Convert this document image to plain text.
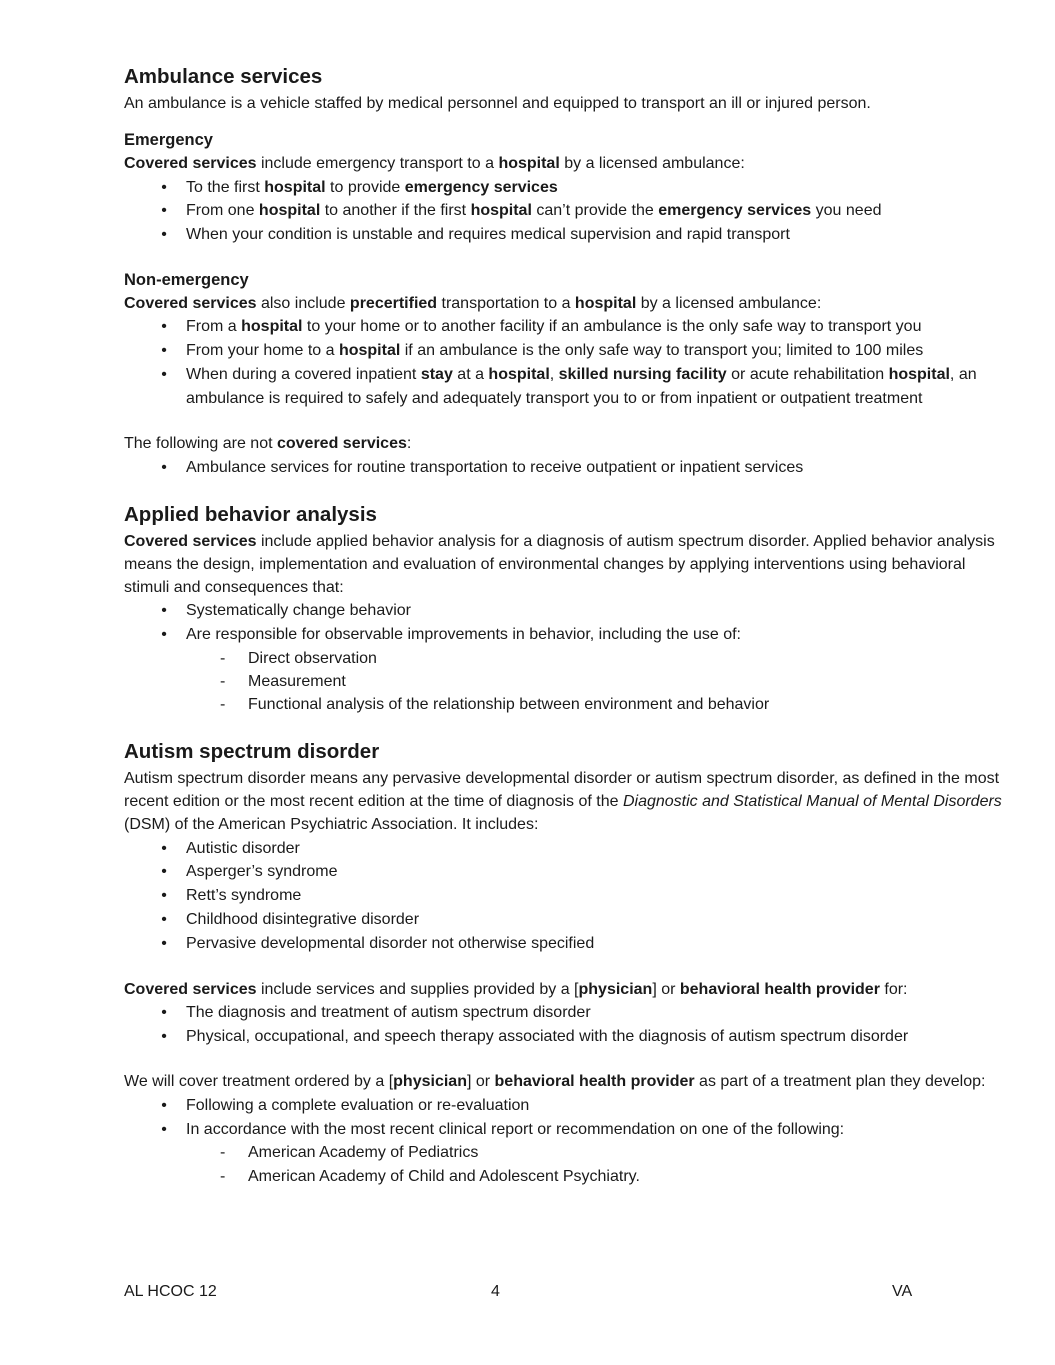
Ambulance services

An ambulance is a vehicle staffed by medical personnel and equipped to transport an ill or injured person.

Emergency

Covered services include emergency transport to a hospital by a licensed ambulance:

• To the first hospital to provide emergency services
• From one hospital to another if the first hospital can’t provide the emergency services you need
• When your condition is unstable and requires medical supervision and rapid transport
Non-emergency

Covered services also include precertified transportation to a hospital by a licensed ambulance:

• From a hospital to your home or to another facility if an ambulance is the only safe way to transport you
• From your home to a hospital if an ambulance is the only safe way to transport you; limited to 100 miles
• When during a covered inpatient stay at a hospital, skilled nursing facility or acute rehabilitation hospital, an ambulance is required to safely and adequately transport you to or from inpatient or outpatient treatment

The following are not covered services:

• Ambulance services for routine transportation to receive outpatient or inpatient services
Applied behavior analysis

Covered services include applied behavior analysis for a diagnosis of autism spectrum disorder. Applied behavior analysis means the design, implementation and evaluation of environmental changes by applying interventions using behavioral stimuli and consequences that:

• Systematically change behavior
• Are responsible for observable improvements in behavior, including the use of:
- Direct observation
- Measurement
- Functional analysis of the relationship between environment and behavior
Autism spectrum disorder

Autism spectrum disorder means any pervasive developmental disorder or autism spectrum disorder, as defined in the most recent edition or the most recent edition at the time of diagnosis of the Diagnostic and Statistical Manual of Mental Disorders (DSM) of the American Psychiatric Association. It includes:

• Autistic disorder
• Asperger’s syndrome
• Rett’s syndrome
• Childhood disintegrative disorder
• Pervasive developmental disorder not otherwise specified

Covered services include services and supplies provided by a [physician] or behavioral health provider for:

• The diagnosis and treatment of autism spectrum disorder
• Physical, occupational, and speech therapy associated with the diagnosis of autism spectrum disorder

We will cover treatment ordered by a [physician] or behavioral health provider as part of a treatment plan they develop:

• Following a complete evaluation or re-evaluation
• In accordance with the most recent clinical report or recommendation on one of the following:
- American Academy of Pediatrics
- American Academy of Child and Adolescent Psychiatry.
AL HCOC 12	4	VA
